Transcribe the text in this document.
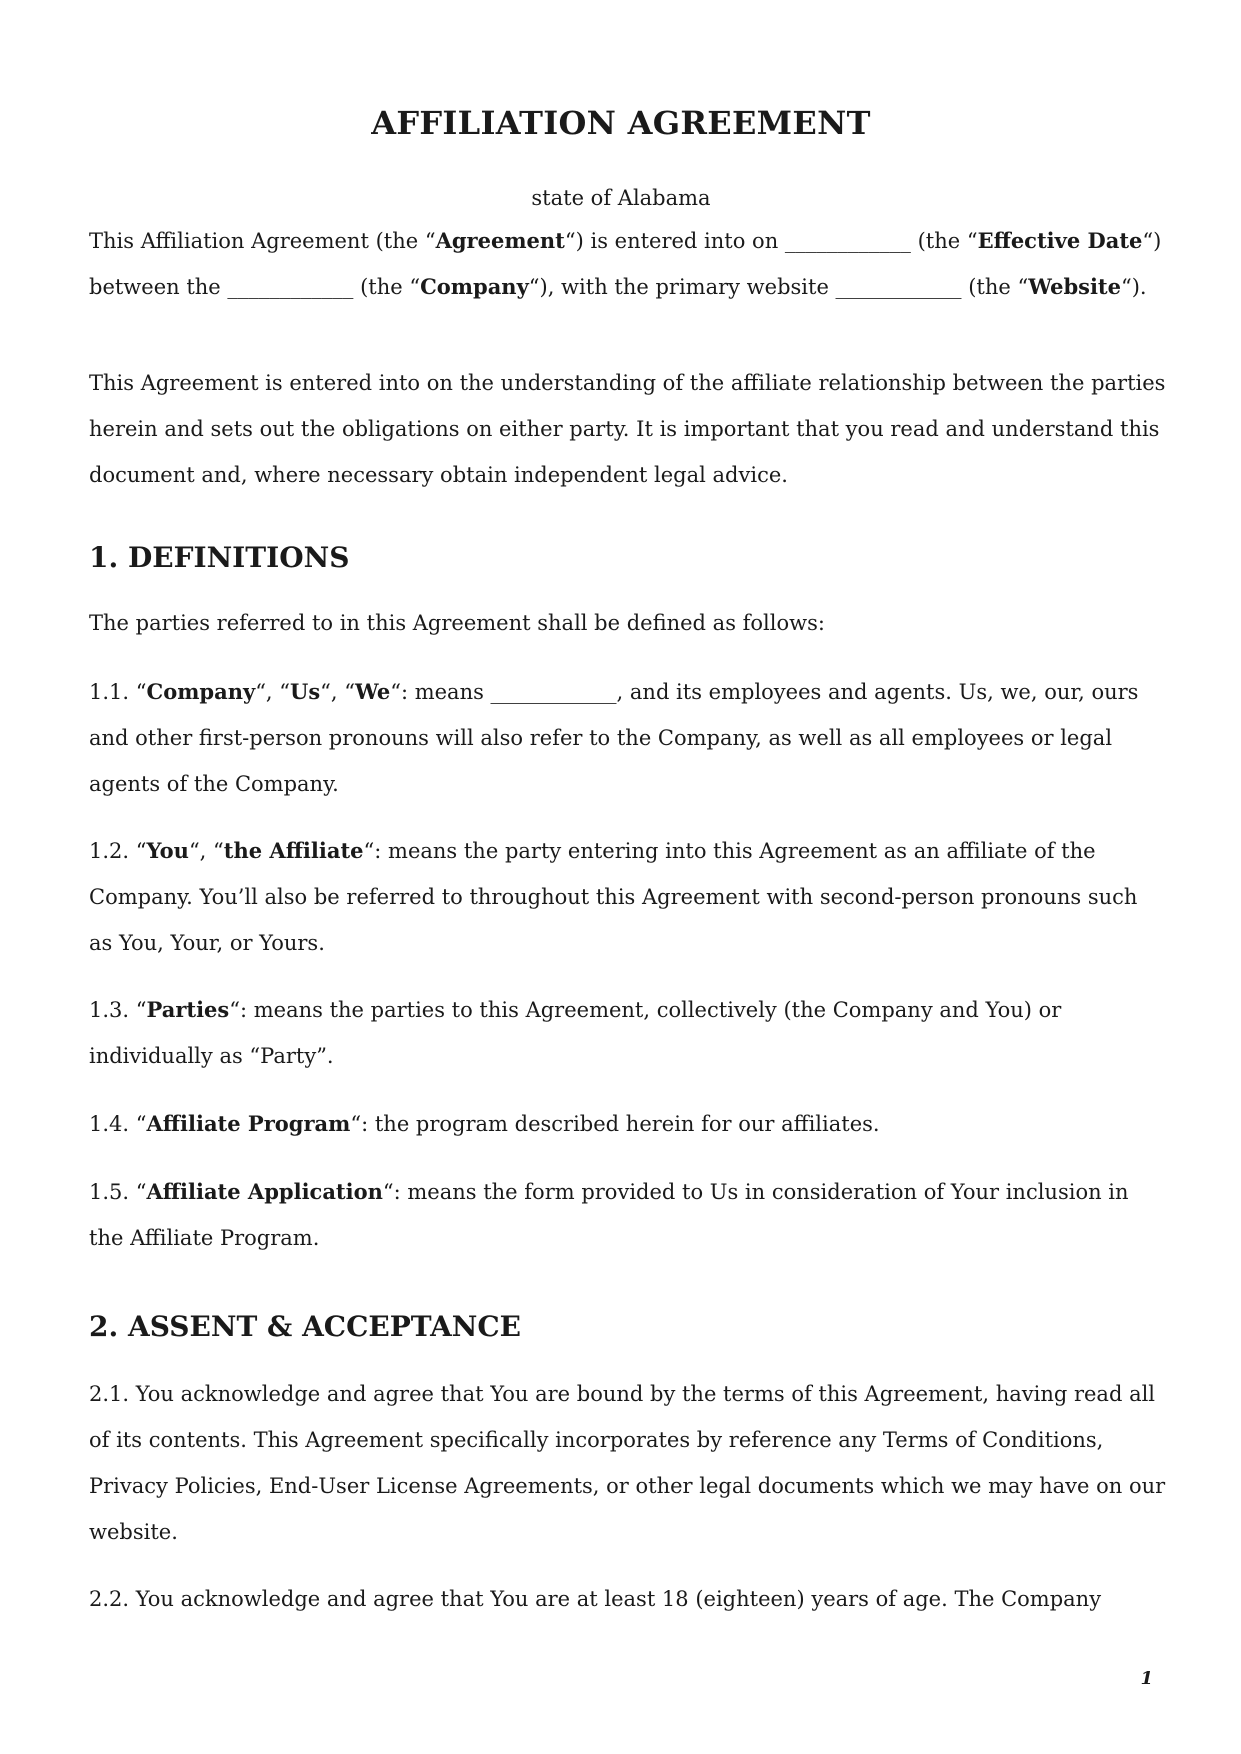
AFFILIATION AGREEMENT

state of Alabama

This Affiliation Agreement (the “Agreement“) is entered into on ____________ (the “Effective Date“)
between the ____________ (the “Company“), with the primary website ____________ (the “Website“).

This Agreement is entered into on the understanding of the affiliate relationship between the parties
herein and sets out the obligations on either party. It is important that you read and understand this
document and, where necessary obtain independent legal advice.

1. DEFINITIONS

The parties referred to in this Agreement shall be defined as follows:

1.1. “Company“, “Us“, “We“: means ____________, and its employees and agents. Us, we, our, ours
and other first-person pronouns will also refer to the Company, as well as all employees or legal
agents of the Company.

1.2. “You“, “the Affiliate“: means the party entering into this Agreement as an affiliate of the
Company. You’ll also be referred to throughout this Agreement with second-person pronouns such
as You, Your, or Yours.

1.3. “Parties“: means the parties to this Agreement, collectively (the Company and You) or
individually as “Party”.

1.4. “Affiliate Program“: the program described herein for our affiliates.

1.5. “Affiliate Application“: means the form provided to Us in consideration of Your inclusion in
the Affiliate Program.

2. ASSENT & ACCEPTANCE

2.1. You acknowledge and agree that You are bound by the terms of this Agreement, having read all
of its contents. This Agreement specifically incorporates by reference any Terms of Conditions,
Privacy Policies, End-User License Agreements, or other legal documents which we may have on our
website.

2.2. You acknowledge and agree that You are at least 18 (eighteen) years of age. The Company

1
